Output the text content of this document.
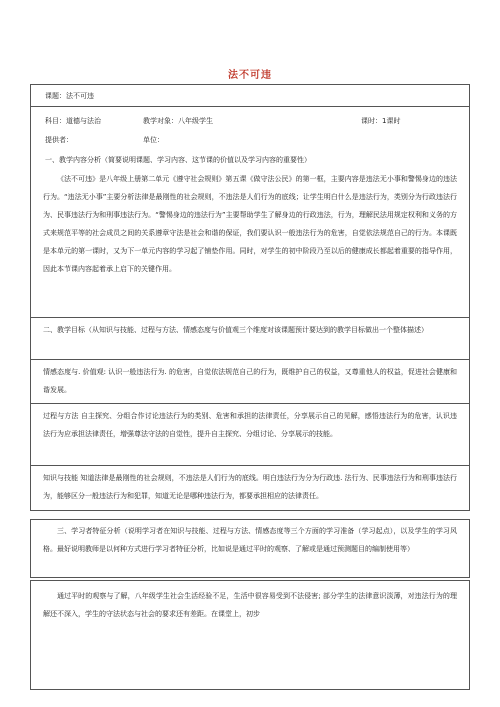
法不可违
课题：法不可违
科目：道德与法治	教学对象：八年级学生	课时：1课时
提供者：	单位：
一、教学内容分析（简要说明课题、学习内容、这节课的价值以及学习内容的重要性）
《法不可违》是八年级上册第二单元《遵守社会规则》第五课《做守法公民》的第一框，主要内容是违法无小事和警惕身边的违法行为。“违法无小事”主要分析法律是最刚性的社会规则，不违法是人们行为的底线；让学生明白什么是违法行为，类别分为行政违法行为、民事违法行为和刑事违法行为。“警惕身边的违法行为”主要帮助学生了解身边的行政违法，行为，理解民法用规定权利和义务的方式来规范平等的社会成员之间的关系遵章守法是社会和谐的保证，我们要认识一般违法行为的危害，自觉依法规范自己的行为。本课既是本单元的第一课时，又为下一单元内容的学习起了铺垫作用。同时，对学生的初中阶段乃至以后的健康成长都起着重要的指导作用，因此本节课内容起着承上启下的关键作用。
二、教学目标（从知识与技能、过程与方法、情感态度与价值观三个维度对该课题预计要达到的教学目标做出一个整体描述）
情感态度与. 价值观: 认识一般违法行为. 的危害，自觉依法规范自己的行为，既维护自己的权益，又尊重他人的权益，促进社会健康和谐发展。
过程与方法 自主探究、分组合作讨论违法行为的类别、危害和承担的法律责任，分享展示自己的见解，感悟违法行为的危害，认识违法行为应承担法律责任，增强尊法守法的自觉性，提升自主探究、分组讨论、分享展示的技能。
知识与技能 知道法律是最刚性的社会规则，不违法是人们行为的底线。明白违法行为分为行政违. 法行为、民事违法行为和刑事违法行为，能够区分一般违法行为和犯罪，知道无论是哪种违法行为，都要承担相应的法律责任。
三、学习者特征分析（说明学习者在知识与技能、过程与方法、情感态度等三个方面的学习准备（学习起点），以及学生的学习风格。最好说明教师是以何种方式进行学习者特征分析，比如说是通过平时的观察、了解或是通过预测题目的编制使用等）
通过平时的观察与了解，八年级学生社会生活经验不足，生活中很容易受到不法侵害; 部分学生的法律意识淡薄，对违法行为的理解还不深入，学生的守法状态与社会的要求还有差距。在课堂上，初步
